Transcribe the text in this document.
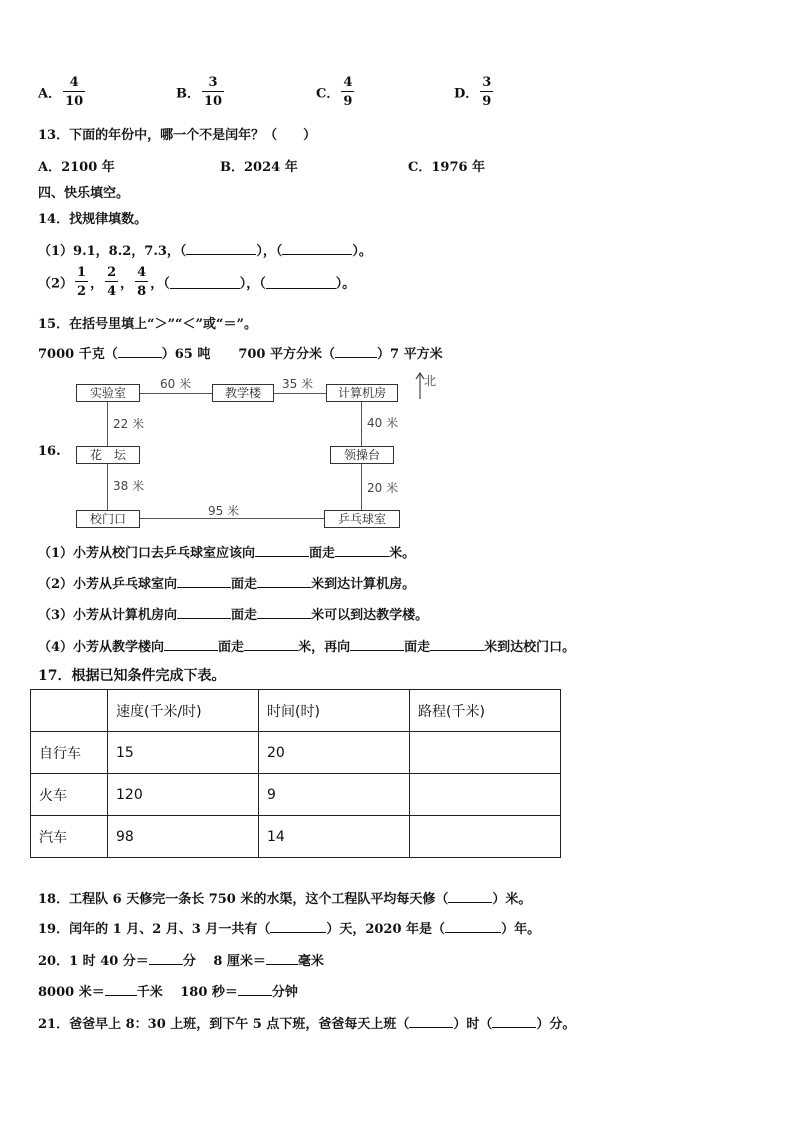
A． $\frac{4}{10}$	B． $\frac{3}{10}$	C． $\frac{4}{9}$	D． $\frac{3}{9}$
13．下面的年份中，哪一个不是闰年？（　　）
A．2100 年	B．2024 年	C．1976 年
四、快乐填空。
14．找规律填数。
（1）9.1，8.2，7.3，（	），（	）。
$(2) \frac{1}{2}$ ， $\frac{2}{4}$ ， $\frac{4}{8}$ ，（	），（	）。
15．在括号里填上“＞”“＜”或“＝”。
7000 千克（	）65 吨 700 平方分米（	）7 平方米
16.
实验室	教学楼	计算机房
花　坛	领操台
校门口	乒乓球室
60 米	35 米
22 米	40 米
38 米	20 米
95 米
北
（1）小芳从校门口去乒乓球室应该向	面走	米。
（2）小芳从乒乓球室向	面走	米到达计算机房。
（3）小芳从计算机房向	面走	米可以到达教学楼。
（4）小芳从教学楼向	面走	米，再向	面走	米到达校门口。
17．根据已知条件完成下表。
	速度(千米/时)	时间(时)	路程(千米)
自行车	15	20	
火车	120	9	
汽车	98	14	
18．工程队 6 天修完一条长 750 米的水渠，这个工程队平均每天修（	）米。
19．闰年的 1 月、2 月、3 月一共有（	）天，2020 年是（	）年。
20．1 时 40 分＝	分　 8 厘米＝ 毫米
8000 米＝ 千米　 180 秒＝	分钟
21．爸爸早上 8：30 上班，到下午 5 点下班，爸爸每天上班（	）时（	）分。
